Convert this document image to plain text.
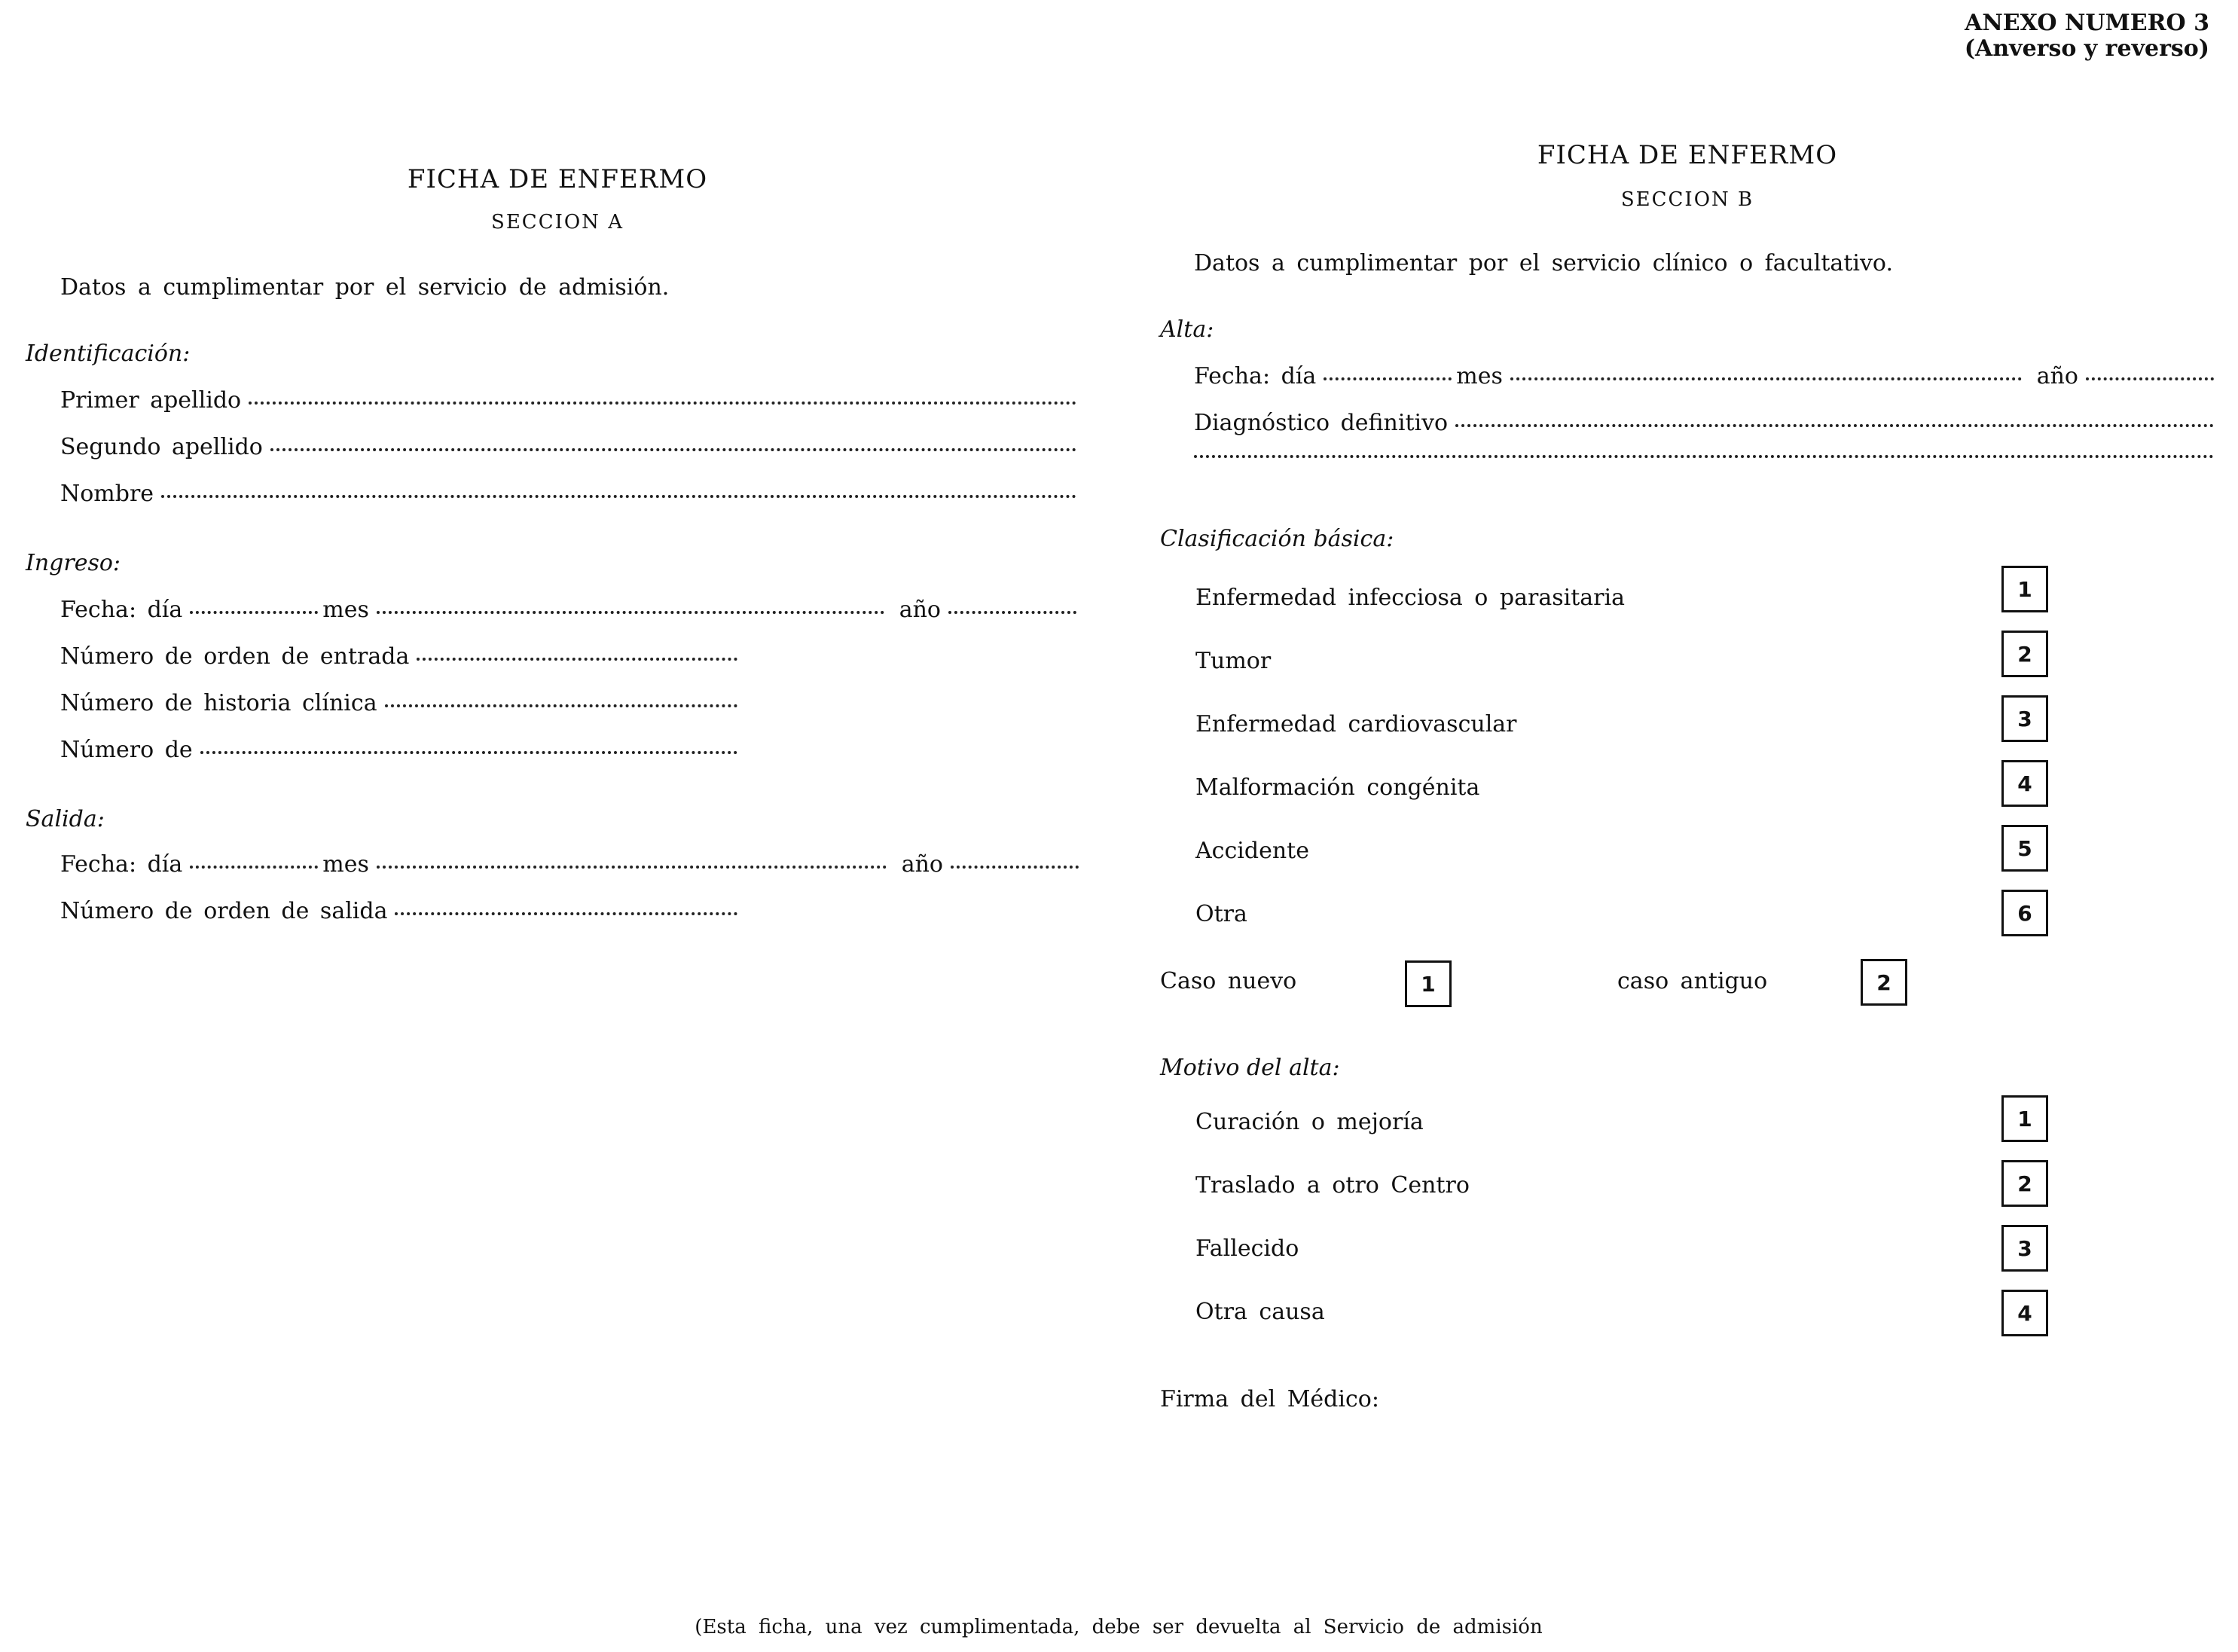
ANEXO NUMERO 3
(Anverso y reverso)
FICHA DE ENFERMO
SECCION A
Datos a cumplimentar por el servicio de admisión.
Identificación:
Primer apellido
Segundo apellido
Nombre
Ingreso:
Fecha: día	mes	año
Número de orden de entrada
Número de historia clínica
Número de
Salida:
Fecha: día	mes	año
Número de orden de salida
FICHA DE ENFERMO
SECCION B
Datos a cumplimentar por el servicio clínico o facultativo.
Alta:
Fecha: día	mes	año
Diagnóstico definitivo
Clasificación básica:
Enfermedad infecciosa o parasitaria	1
Tumor	2
Enfermedad cardiovascular	3
Malformación congénita	4
Accidente	5
Otra	6
Caso nuevo	1	caso antiguo	2
Motivo del alta:
Curación o mejoría	1
Traslado a otro Centro	2
Fallecido	3
Otra causa	4
Firma del Médico:
(Esta ficha, una vez cumplimentada, debe ser devuelta al Servicio de admisión
